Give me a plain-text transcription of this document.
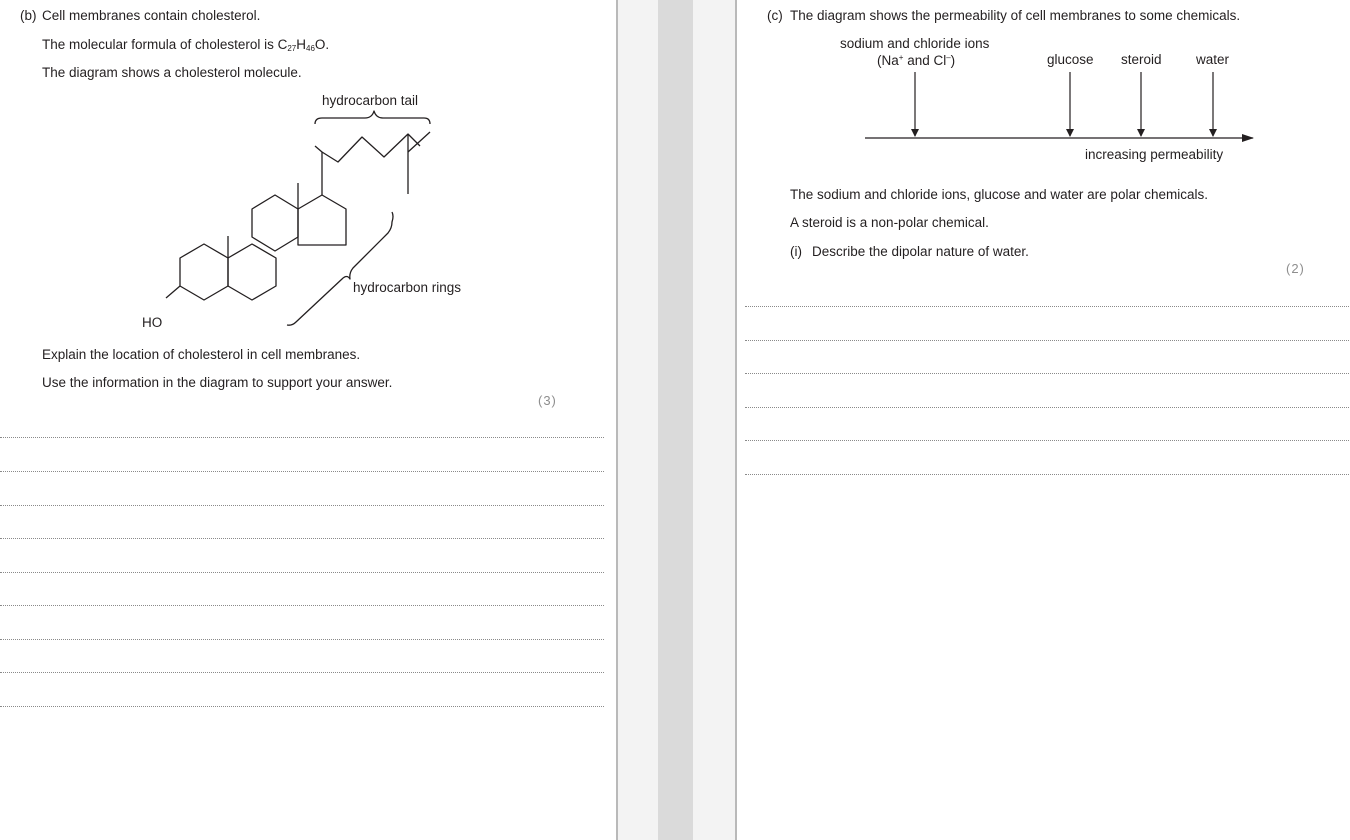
(b) Cell membranes contain cholesterol.
The molecular formula of cholesterol is $C_{27}H_{46}O$.
The diagram shows a cholesterol molecule.
hydrocarbon tail
hydrocarbon rings
HO
Explain the location of cholesterol in cell membranes.
Use the information in the diagram to support your answer.
(3)
(c) The diagram shows the permeability of cell membranes to some chemicals.
sodium and chloride ions
(Na+ and Cl–)	glucose steroid	water
increasing permeability
The sodium and chloride ions, glucose and water are polar chemicals.
A steroid is a non-polar chemical.
(i) Describe the dipolar nature of water.
(2)
